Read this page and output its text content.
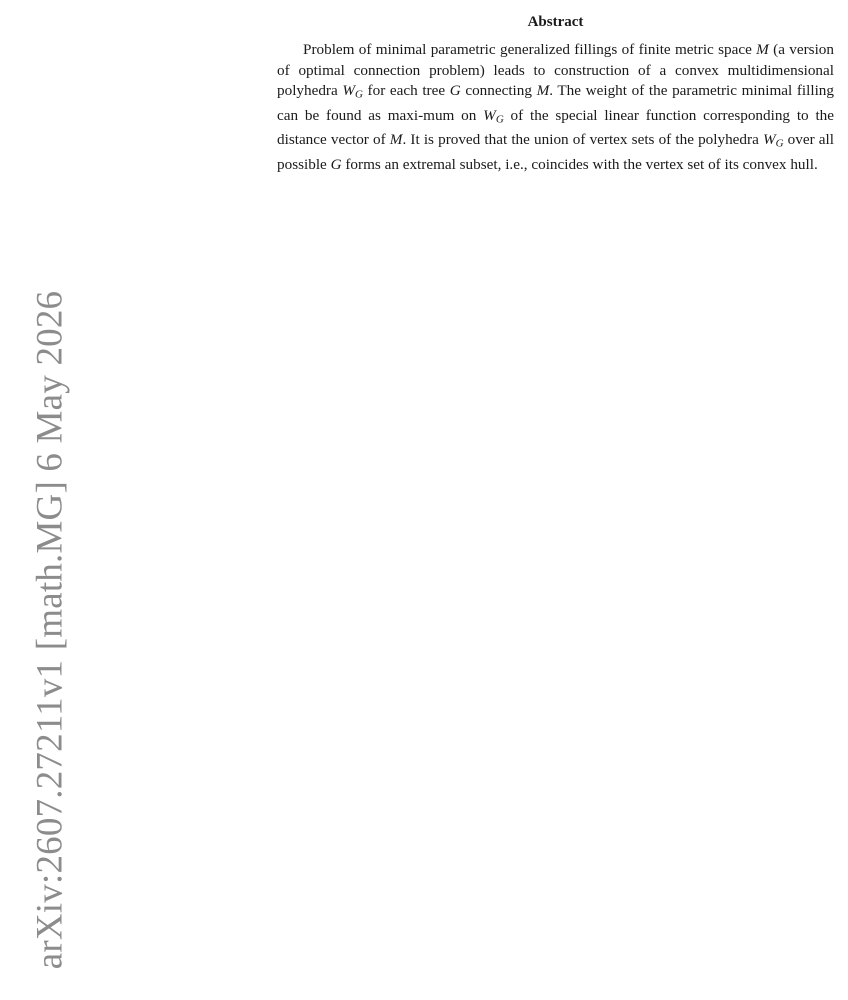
arXiv:2607.27211v1 [math.MG] 6 May 2026
Abstract

Problem of minimal parametric generalized fillings of finite metric space M (a version of optimal connection problem) leads to construction of a convex multidimensional polyhedra $W_G$ for each tree G connecting M. The weight of the parametric minimal filling can be found as maxi-mum on $W_G$ of the special linear function corresponding to the distance vector of M. It is proved that the union of vertex sets of the polyhedra $W_G$ over all possible G forms an extremal subset, i.e., coincides with the vertex set of its convex hull.
